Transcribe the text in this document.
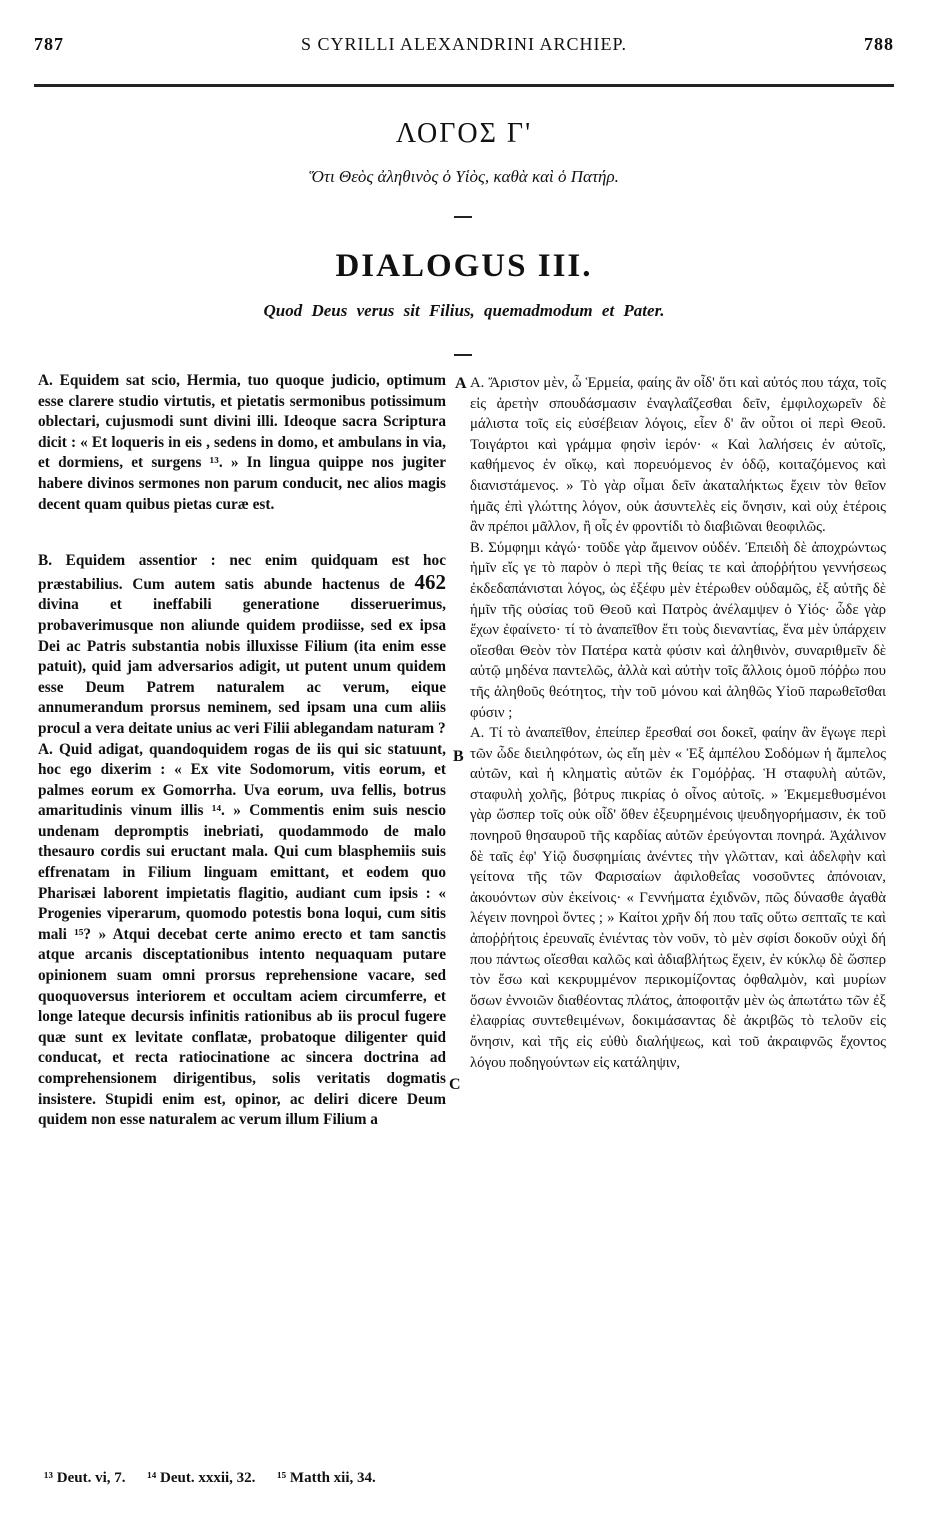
787	S CYRILLI ALEXANDRINI ARCHIEP.	788
ΛΟΓΟΣ Γ'
Ὅτι Θεὸς ἀληθινὸς ὁ Υἱὸς, καθὰ καὶ ὁ Πατήρ.
DIALOGUS III.
Quod Deus verus sit Filius, quemadmodum et Pater.
A
B
C

A. Equidem sat scio, Hermia, tuo quoque judicio, optimum esse clarere studio virtutis, et pietatis sermonibus potissimum oblectari, cujusmodi sunt divini illi. Ideoque sacra Scriptura dicit : « Et loqueris in eis , sedens in domo, et ambulans in via, et dormiens, et surgens ¹³. » In lingua quippe nos jugiter habere divinos sermones non parum conducit, nec alios magis decent quam quibus pietas curæ est.

B. Equidem assentior : nec enim quidquam est hoc præstabilius. Cum autem satis abunde hactenus de 462 divina et ineffabili generatione disseruerimus, probaverimusque non aliunde quidem prodiisse, sed ex ipsa Dei ac Patris substantia nobis illuxisse Filium (ita enim esse patuit), quid jam adversarios adigit, ut putent unum quidem esse Deum Patrem naturalem ac verum, eique annumerandum prorsus neminem, sed ipsam una cum aliis procul a vera deitate unius ac veri Filii ablegandam naturam ?

A. Quid adigat, quandoquidem rogas de iis qui sic statuunt, hoc ego dixerim : « Ex vite Sodomorum, vitis eorum, et palmes eorum ex Gomorrha. Uva eorum, uva fellis, botrus amaritudinis vinum illis ¹⁴. » Commentis enim suis nescio undenam depromptis inebriati, quodammodo de malo thesauro cordis sui eructant mala. Qui cum blasphemiis suis effrenatam in Filium linguam emittant, et eodem quo Pharisæi laborent impietatis flagitio, audiant cum ipsis : « Progenies viperarum, quomodo potestis bona loqui, cum sitis mali ¹⁵? » Atqui decebat certe animo erecto et tam sanctis atque arcanis disceptationibus intento nequaquam putare opinionem suam omni prorsus reprehensione vacare, sed quoquoversus interiorem et occultam aciem circumferre, et longe lateque decursis infinitis rationibus ab iis procul fugere quæ sunt ex levitate conflatæ, probatoque diligenter quid conducat, et recta ratiocinatione ac sincera doctrina ad comprehensionem dirigentibus, solis veritatis dogmatis insistere. Stupidi enim est, opinor, ac deliri dicere Deum quidem non esse naturalem ac verum illum Filium a

A. Ἄριστον μὲν, ὦ Ἑρμεία, φαίης ἂν οἶδ' ὅτι καὶ αὐτός που τάχα, τοῖς εἰς ἀρετὴν σπουδάσμασιν ἐναγλαΐζεσθαι δεῖν, ἐμφιλοχωρεῖν δὲ μάλιστα τοῖς εἰς εὐσέβειαν λόγοις, εἶεν δ' ἂν οὗτοι οἱ περὶ Θεοῦ. Τοιγάρτοι καὶ γράμμα φησὶν ἱερόν· « Καὶ λαλήσεις ἐν αὐτοῖς, καθήμενος ἐν οἴκῳ, καὶ πορευόμενος ἐν ὁδῷ, κοιταζόμενος καὶ διανιστάμενος. » Τὸ γὰρ οἶμαι δεῖν ἀκαταλήκτως ἔχειν τὸν θεῖον ἡμᾶς ἐπὶ γλώττης λόγον, οὐκ ἀσυντελὲς εἰς ὄνησιν, καὶ οὐχ ἑτέροις ἂν πρέποι μᾶλλον, ἢ οἷς ἐν φροντίδι τὸ διαβιῶναι θεοφιλῶς.

B. Σύμφημι κἀγώ· τοῦδε γὰρ ἄμεινον οὐδέν. Ἐπειδὴ δὲ ἀποχρώντως ἡμῖν εἴς γε τὸ παρὸν ὁ περὶ τῆς θείας τε καὶ ἀποῤῥήτου γεννήσεως ἐκδεδαπάνισται λόγος, ὡς ἐξέφυ μὲν ἑτέρωθεν οὐδαμῶς, ἐξ αὐτῆς δὲ ἡμῖν τῆς οὐσίας τοῦ Θεοῦ καὶ Πατρὸς ἀνέλαμψεν ὁ Υἱός· ὧδε γὰρ ἔχων ἐφαίνετο· τί τὸ ἀναπεῖθον ἔτι τοὺς διεναντίας, ἕνα μὲν ὑπάρχειν οἴεσθαι Θεὸν τὸν Πατέρα κατὰ φύσιν καὶ ἀληθινὸν, συναριθμεῖν δὲ αὐτῷ μηδένα παντελῶς, ἀλλὰ καὶ αὐτὴν τοῖς ἄλλοις ὁμοῦ πόῤῥω που τῆς ἀληθοῦς θεότητος, τὴν τοῦ μόνου καὶ ἀληθῶς Υἱοῦ παρωθεῖσθαι φύσιν ;

A. Τί τὸ ἀναπεῖθον, ἐπείπερ ἔρεσθαί σοι δοκεῖ, φαίην ἂν ἔγωγε περὶ τῶν ὧδε διειληφότων, ὡς εἴη μὲν « Ἐξ ἀμπέλου Σοδόμων ἡ ἄμπελος αὐτῶν, καὶ ἡ κληματὶς αὐτῶν ἐκ Γομόῤῥας. Ἡ σταφυλὴ αὐτῶν, σταφυλὴ χολῆς, βότρυς πικρίας ὁ οἶνος αὐτοῖς. » Ἐκμεμεθυσμένοι γὰρ ὥσπερ τοῖς οὐκ οἶδ' ὅθεν ἐξευρημένοις ψευδηγορήμασιν, ἐκ τοῦ πονηροῦ θησαυροῦ τῆς καρδίας αὐτῶν ἐρεύγονται πονηρά. Ἀχάλινον δὲ ταῖς ἐφ' Υἱῷ δυσφημίαις ἀνέντες τὴν γλῶτταν, καὶ ἀδελφὴν καὶ γείτονα τῆς τῶν Φαρισαίων ἀφιλοθεΐας νοσοῦντες ἀπόνοιαν, ἀκουόντων σὺν ἐκείνοις· « Γεννήματα ἐχιδνῶν, πῶς δύνασθε ἀγαθὰ λέγειν πονηροὶ ὄντες ; » Καίτοι χρῆν δή που ταῖς οὕτω σεπταῖς τε καὶ ἀποῤῥήτοις ἐρευναῖς ἐνιέντας τὸν νοῦν, τὸ μὲν σφίσι δοκοῦν οὐχὶ δή που πάντως οἴεσθαι καλῶς καὶ ἀδιαβλήτως ἔχειν, ἐν κύκλῳ δὲ ὥσπερ τὸν ἔσω καὶ κεκρυμμένον περικομίζοντας ὀφθαλμὸν, καὶ μυρίων ὅσων ἐννοιῶν διαθέοντας πλάτος, ἀποφοιτᾷν μὲν ὡς ἀπωτάτω τῶν ἐξ ἐλαφρίας συντεθειμένων, δοκιμάσαντας δὲ ἀκριβῶς τὸ τελοῦν εἰς ὄνησιν, καὶ τῆς εἰς εὐθὺ διαλήψεως, καὶ τοῦ ἀκραιφνῶς ἔχοντος λόγου ποδηγούντων εἰς κατάληψιν,

¹³ Deut. vi, 7. ¹⁴ Deut. xxxii, 32. ¹⁵ Matth xii, 34.
